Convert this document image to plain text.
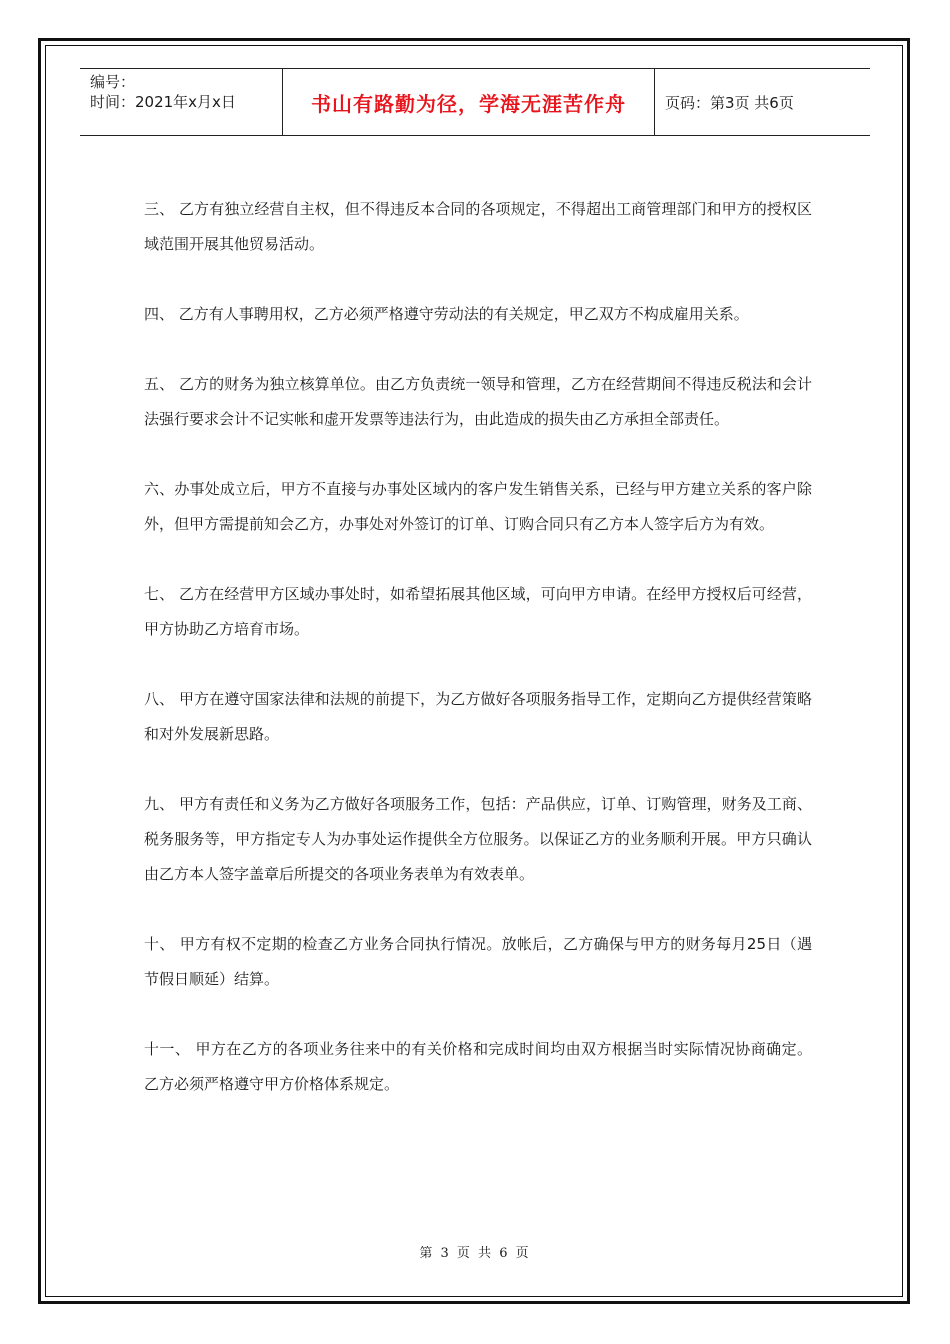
编号：
时间：2021年x月x日	书山有路勤为径，学海无涯苦作舟	页码：第3页 共6页

三、 乙方有独立经营自主权，但不得违反本合同的各项规定，不得超出工商管理部门和甲方的授权区域范围开展其他贸易活动。

四、 乙方有人事聘用权，乙方必须严格遵守劳动法的有关规定，甲乙双方不构成雇用关系。

五、 乙方的财务为独立核算单位。由乙方负责统一领导和管理，乙方在经营期间不得违反税法和会计法强行要求会计不记实帐和虚开发票等违法行为，由此造成的损失由乙方承担全部责任。

六、办事处成立后，甲方不直接与办事处区域内的客户发生销售关系，已经与甲方建立关系的客户除外，但甲方需提前知会乙方，办事处对外签订的订单、订购合同只有乙方本人签字后方为有效。

七、 乙方在经营甲方区域办事处时，如希望拓展其他区域，可向甲方申请。在经甲方授权后可经营，甲方协助乙方培育市场。

八、 甲方在遵守国家法律和法规的前提下，为乙方做好各项服务指导工作，定期向乙方提供经营策略和对外发展新思路。

九、 甲方有责任和义务为乙方做好各项服务工作，包括：产品供应，订单、订购管理，财务及工商、税务服务等，甲方指定专人为办事处运作提供全方位服务。以保证乙方的业务顺利开展。甲方只确认由乙方本人签字盖章后所提交的各项业务表单为有效表单。

十、 甲方有权不定期的检查乙方业务合同执行情况。放帐后，乙方确保与甲方的财务每月25日（遇节假日顺延）结算。

十一、 甲方在乙方的各项业务往来中的有关价格和完成时间均由双方根据当时实际情况协商确定。 乙方必须严格遵守甲方价格体系规定。

第 3 页 共 6 页
